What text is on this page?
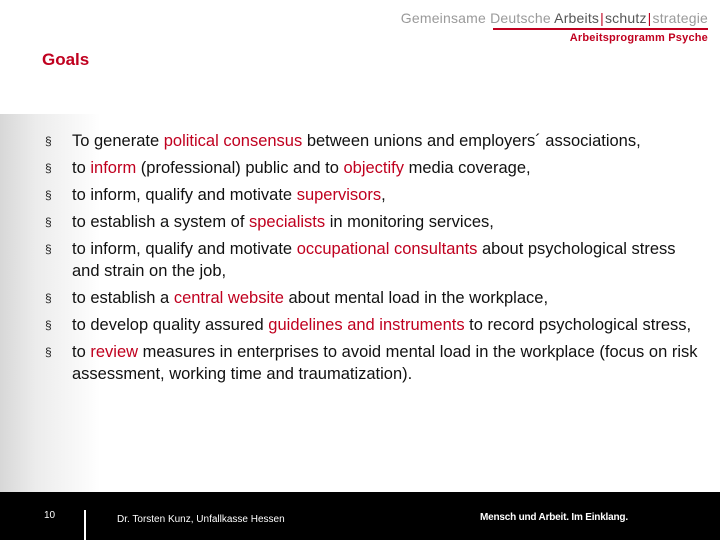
Gemeinsame Deutsche Arbeits|schutz|strategie
Arbeitsprogramm Psyche
Goals
§ To generate political consensus between unions and employers´ associations,
§ to inform (professional) public and to objectify media coverage,
§ to inform, qualify and motivate supervisors,
§ to establish a system of specialists in monitoring services,
§ to inform, qualify and motivate occupational consultants about psychological stress and strain on the job,
§ to establish a central website about mental load in the workplace,
§ to develop quality assured guidelines and instruments to record psychological stress,
§ to review measures in enterprises to avoid mental load in the workplace (focus on risk assessment, working time and traumatization).
10	Dr. Torsten Kunz, Unfallkasse Hessen	Mensch und Arbeit. Im Einklang.
